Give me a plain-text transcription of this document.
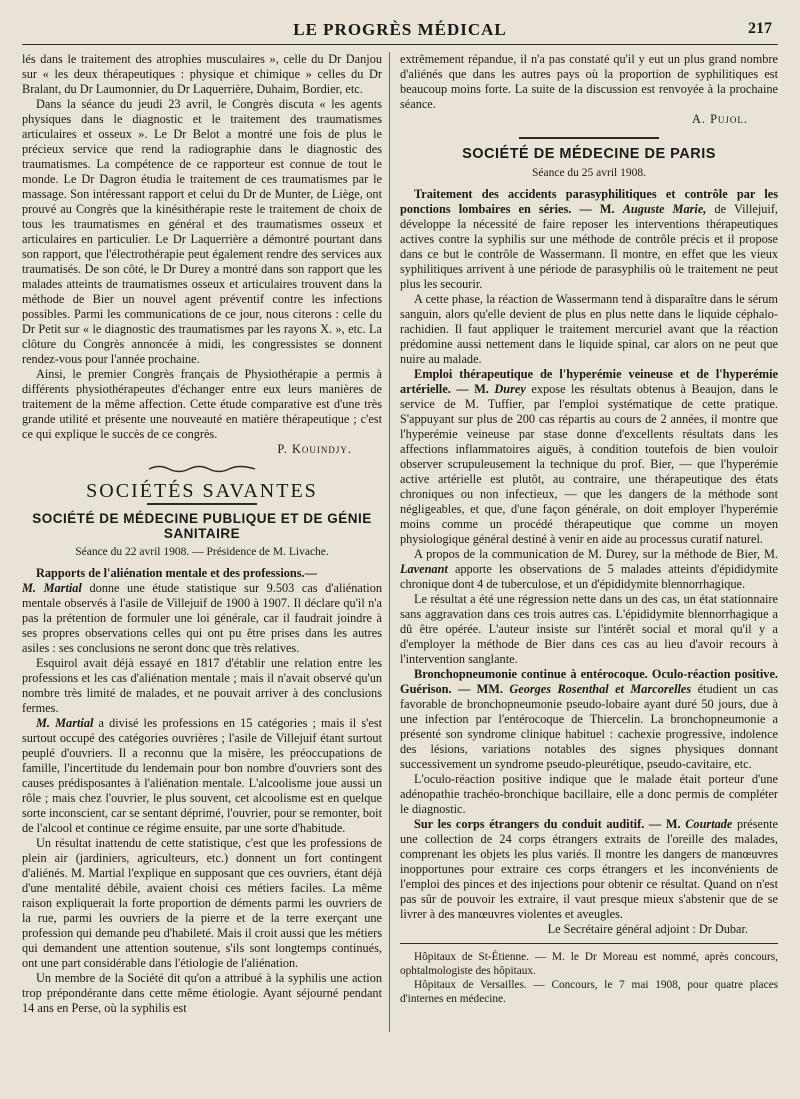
LE PROGRÈS MÉDICAL	217

lés dans le traitement des atrophies musculaires », celle du Dr Danjou sur « les deux thérapeutiques : physique et chimique » celles du Dr Bralant, du Dr Laumonnier, du Dr Laquerrière, Duhaim, Bordier, etc.

Dans la séance du jeudi 23 avril, le Congrès discuta « les agents physiques dans le diagnostic et le traitement des traumatismes articulaires et osseux ». Le Dr Belot a montré une fois de plus le précieux service que rend la radiographie dans le diagnostic des traumatismes. La compétence de ce rapporteur est connue de tout le monde. Le Dr Dagron étudia le traitement de ces traumatismes par le massage. Son intéressant rapport et celui du Dr de Munter, de Liège, ont prouvé au Congrès que la kinésithérapie reste le traitement de choix de tous les traumatismes en général et des traumatismes osseux et articulaires en particulier. Le Dr Laquerrière a démontré pourtant dans son rapport, que l'électrothérapie peut également rendre des services aux traumatisés. De son côté, le Dr Durey a montré dans son rapport que les malades atteints de traumatismes osseux et articulaires trouvent dans la méthode de Bier un nouvel agent préventif contre les infections possibles. Parmi les communications de ce jour, nous citerons : celle du Dr Petit sur « le diagnostic des traumatismes par les rayons X. », etc. La clôture du Congrès annoncée à midi, les congressistes se donnent rendez-vous pour l'année prochaine.

Ainsi, le premier Congrès français de Physiothérapie a permis à différents physiothérapeutes d'échanger entre eux leurs manières de traitement de la même affection. Cette étude comparative est d'une très grande utilité et présente une nouveauté en matière thérapeutique ; c'est ce qui explique le succès de ce congrès.

P. Kouindjy.
SOCIÉTÉS SAVANTES
SOCIÉTÉ DE MÉDECINE PUBLIQUE ET DE GÉNIE SANITAIRE
Séance du 22 avril 1908. — Présidence de M. Livache.

Rapports de l'aliénation mentale et des professions.—

M. Martial donne une étude statistique sur 9.503 cas d'aliénation mentale observés à l'asile de Villejuif de 1900 à 1907. Il déclare qu'il n'a pas la prétention de formuler une loi générale, car il faudrait joindre à ses propres observations celles qui ont pu être prises dans les autres asiles : ses conclusions ne seront donc que très relatives.

Esquirol avait déjà essayé en 1817 d'établir une relation entre les professions et les cas d'aliénation mentale ; mais il n'avait observé qu'un nombre très limité de malades, et ne pouvait arriver à des conclusions fermes.

M. Martial a divisé les professions en 15 catégories ; mais il s'est surtout occupé des catégories ouvrières ; l'asile de Villejuif étant surtout peuplé d'ouvriers. Il a reconnu que la misère, les préoccupations de famille, l'incertitude du lendemain pour bon nombre d'ouvriers sont des causes prédisposantes à l'aliénation mentale. L'alcoolisme joue aussi un rôle ; mais chez l'ouvrier, le plus souvent, cet alcoolisme est en quelque sorte inconscient, car se sentant déprimé, l'ouvrier, pour se remonter, boit de l'alcool et continue ce régime ensuite, par une sorte d'habitude.

Un résultat inattendu de cette statistique, c'est que les professions de plein air (jardiniers, agriculteurs, etc.) donnent un fort contingent d'aliénés. M. Martial l'explique en supposant que ces ouvriers, étant déjà d'une mentalité débile, avaient choisi ces métiers faciles. La même raison expliquerait la forte proportion de déments parmi les ouvriers de la rue, parmi les ouvriers de la pierre et de la terre exerçant une profession qui demande peu d'habileté. Mais il croit aussi que les métiers qui demandent une attention soutenue, s'ils sont longtemps continués, ont une part considérable dans l'étiologie de l'aliénation.

Un membre de la Société dit qu'on a attribué à la syphilis une action trop prépondérante dans cette même étiologie. Ayant séjourné pendant 14 ans en Perse, où la syphilis est

extrêmement répandue, il n'a pas constaté qu'il y eut un plus grand nombre d'aliénés que dans les autres pays où la proportion de syphilitiques est beaucoup moins forte. La suite de la discussion est renvoyée à la prochaine séance.

A. Pujol.
SOCIÉTÉ DE MÉDECINE DE PARIS
Séance du 25 avril 1908.

Traitement des accidents parasyphilitiques et contrôle par les ponctions lombaires en séries. — M. Auguste Marie, de Villejuif, développe la nécessité de faire reposer les interventions thérapeutiques actives contre la syphilis sur une méthode de contrôle précis et il propose dans ce but le contrôle de Wassermann. Il montre, en effet que les vieux syphilitiques arrivent à une période de parasyphilis où le traitement ne peut plus les secourir.

A cette phase, la réaction de Wassermann tend à disparaître dans le sérum sanguin, alors qu'elle devient de plus en plus nette dans le liquide céphalo-rachidien. Il faut appliquer le traitement mercuriel avant que la réaction prédomine aussi nettement dans le liquide spinal, car alors on ne peut que nuire au malade.

Emploi thérapeutique de l'hyperémie veineuse et de l'hyperémie artérielle. — M. Durey expose les résultats obtenus à Beaujon, dans le service de M. Tuffier, par l'emploi systématique de cette pratique. S'appuyant sur plus de 200 cas répartis au cours de 2 années, il montre que l'hyperémie veineuse par stase donne d'excellents résultats dans les affections inflammatoires aiguës, à condition toutefois de bien vouloir observer scrupuleusement la technique du prof. Bier, — que l'hyperémie active artérielle est plutôt, au contraire, une thérapeutique des états chroniques ou non infectieux, — que les dangers de la méthode sont négligeables, et que, d'une façon générale, on doit employer l'hyperémie moins comme un procédé thérapeutique que comme un moyen physiologique général destiné à venir en aide au processus curatif naturel.

A propos de la communication de M. Durey, sur la méthode de Bier, M. Lavenant apporte les observations de 5 malades atteints d'épididymite chronique dont 4 de tuberculose, et un d'épididymite blennorrhagique.

Le résultat a été une régression nette dans un des cas, un état stationnaire sans aggravation dans ces trois autres cas. L'épididymite blennorrhagique a dû être opérée. L'auteur insiste sur l'intérêt social et moral qu'il y a d'employer la méthode de Bier dans ces cas au lieu d'avoir recours à l'intervention sanglante.

Bronchopneumonie continue à entérocoque. Oculo-réaction positive. Guérison. — MM. Georges Rosenthal et Marcorelles étudient un cas favorable de bronchopneumonie pseudo-lobaire ayant duré 50 jours, due à une infection par l'entérocoque de Thiercelin. La bronchopneumonie a présenté son syndrome clinique habituel : cachexie progressive, indolence des lésions, variations notables des signes physiques donnant successivement un syndrome pseudo-pleurétique, pseudo-cavitaire, etc.

L'oculo-réaction positive indique que le malade était porteur d'une adénopathie trachéo-bronchique bacillaire, elle a donc permis de compléter le diagnostic.

Sur les corps étrangers du conduit auditif. — M. Courtade présente une collection de 24 corps étrangers extraits de l'oreille des malades, comprenant les objets les plus variés. Il montre les dangers de manœuvres inopportunes pour extraire ces corps étrangers et les inconvénients de l'emploi des pinces et des injections pour obtenir ce résultat. Quand on n'est pas sûr de pouvoir les extraire, il vaut presque mieux s'abstenir que de se livrer à des manœuvres violentes et aveugles.

Le Secrétaire général adjoint : Dr Dubar.

Hôpitaux de St-Étienne. — M. le Dr Moreau est nommé, après concours, ophtalmologiste des hôpitaux.

Hôpitaux de Versailles. — Concours, le 7 mai 1908, pour quatre places d'internes en médecine.
